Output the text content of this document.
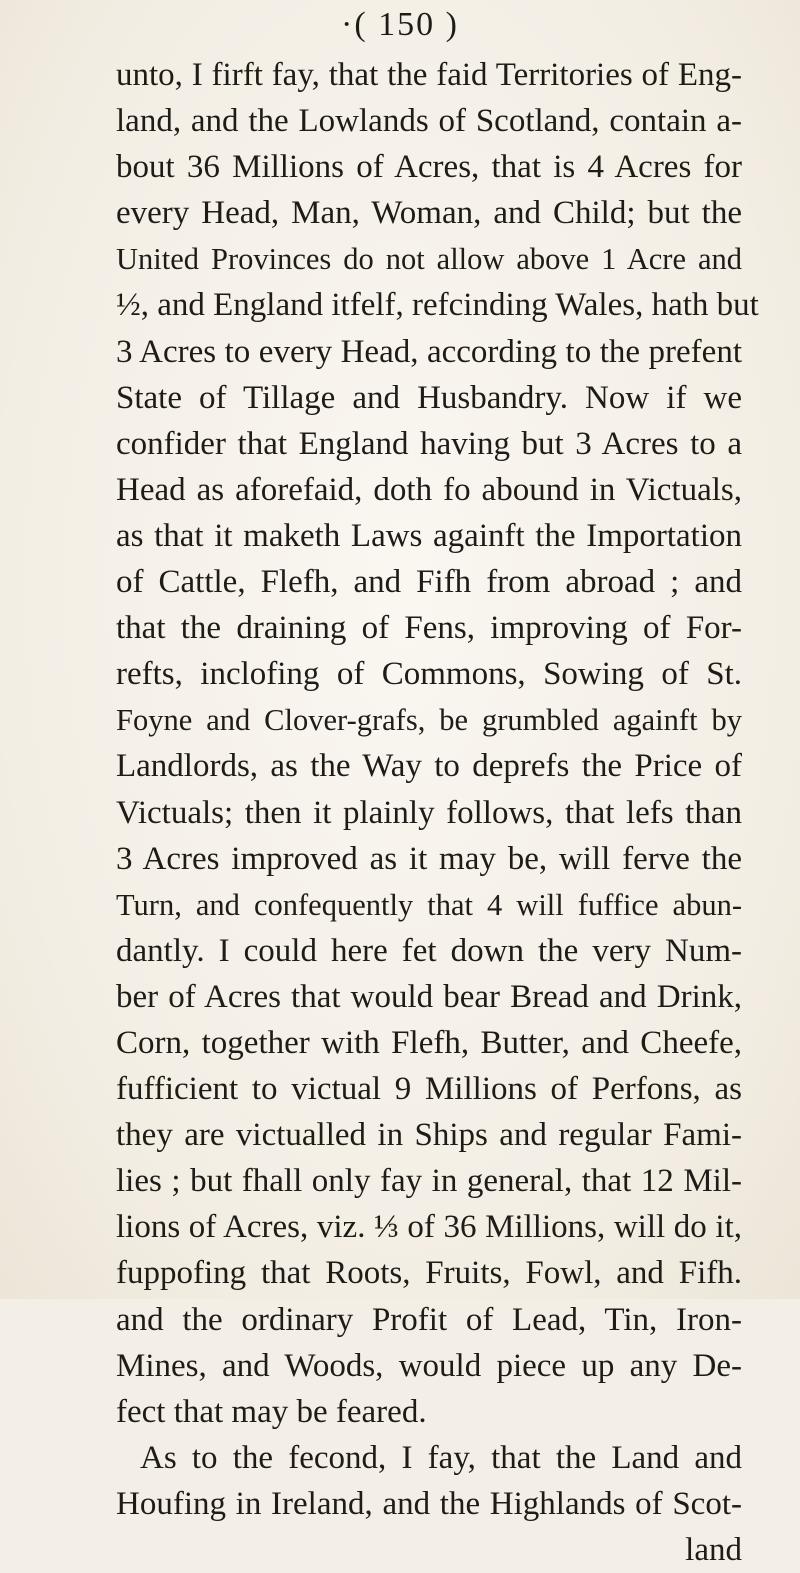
·( 150 )
unto, I firft fay, that the faid Territories of Eng-
land, and the Lowlands of Scotland, contain a-
bout 36 Millions of Acres, that is 4 Acres for
every Head, Man, Woman, and Child; but the
United Provinces do not allow above 1 Acre and
½, and England itfelf, refcinding Wales, hath but
3 Acres to every Head, according to the prefent
State of Tillage and Husbandry. Now if we
confider that England having but 3 Acres to a
Head as aforefaid, doth fo abound in Victuals,
as that it maketh Laws againft the Importation
of Cattle, Flefh, and Fifh from abroad ; and
that the draining of Fens, improving of For-
refts, inclofing of Commons, Sowing of St.
Foyne and Clover-grafs, be grumbled againft by
Landlords, as the Way to deprefs the Price of
Victuals; then it plainly follows, that lefs than
3 Acres improved as it may be, will ferve the
Turn, and confequently that 4 will fuffice abun-
dantly. I could here fet down the very Num-
ber of Acres that would bear Bread and Drink,
Corn, together with Flefh, Butter, and Cheefe,
fufficient to victual 9 Millions of Perfons, as
they are victualled in Ships and regular Fami-
lies ; but fhall only fay in general, that 12 Mil-
lions of Acres, viz. ⅓ of 36 Millions, will do it,
fuppofing that Roots, Fruits, Fowl, and Fifh.
and the ordinary Profit of Lead, Tin, Iron-
Mines, and Woods, would piece up any De-
fect that may be feared.
As to the fecond, I fay, that the Land and
Houfing in Ireland, and the Highlands of Scot-
land
